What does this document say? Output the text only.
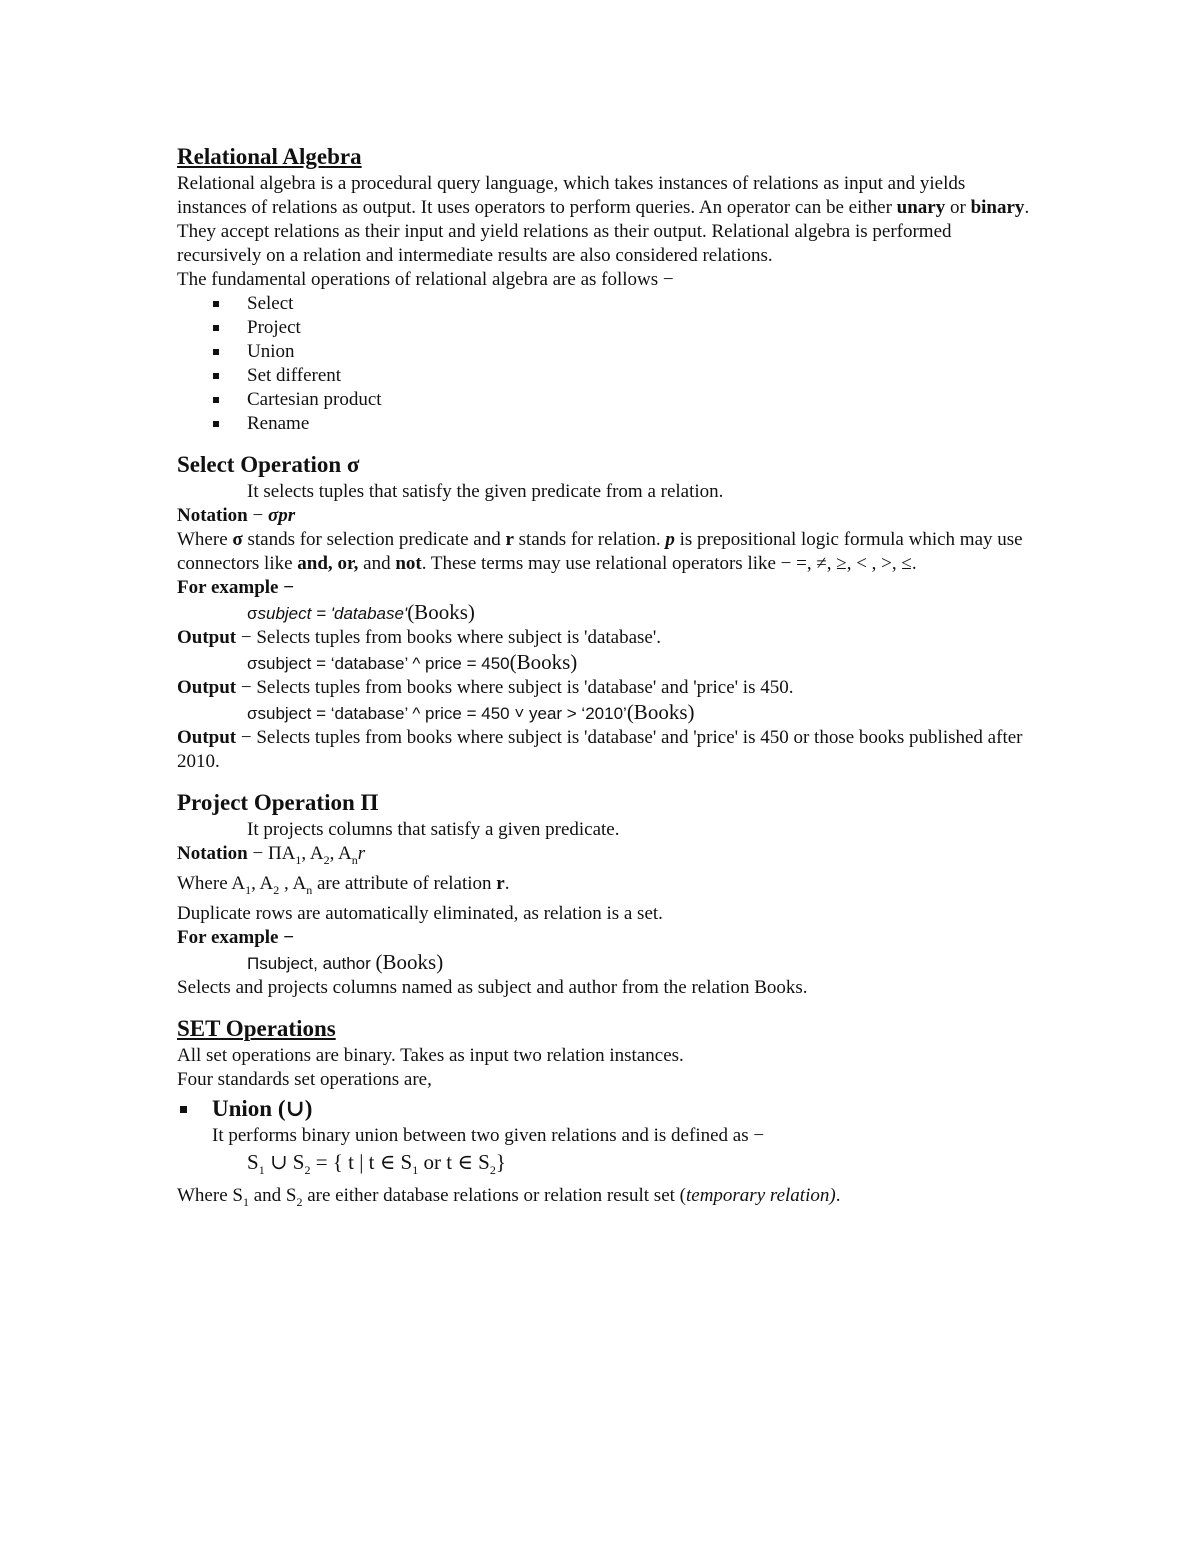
Relational Algebra

Relational algebra is a procedural query language, which takes instances of relations as input and yields instances of relations as output. It uses operators to perform queries. An operator can be either unary or binary. They accept relations as their input and yield relations as their output. Relational algebra is performed recursively on a relation and intermediate results are also considered relations.

The fundamental operations of relational algebra are as follows −

Select
Project
Union
Set different
Cartesian product
Rename
Select Operation σ

It selects tuples that satisfy the given predicate from a relation.

Notation − σpr

Where σ stands for selection predicate and r stands for relation. p is prepositional logic formula which may use connectors like and, or, and not. These terms may use relational operators like − =, ≠, ≥, < , >, ≤.

For example −

σsubject = 'database'(Books)

Output − Selects tuples from books where subject is 'database'.

σsubject = ‘database’ ^ price = 450(Books)

Output − Selects tuples from books where subject is 'database' and 'price' is 450.

σsubject = ‘database’ ^ price = 450 ˅ year > ‘2010’(Books)

Output − Selects tuples from books where subject is 'database' and 'price' is 450 or those books published after 2010.

Project Operation Π

It projects columns that satisfy a given predicate.

Notation − $\Pi A_1$, $A_2$, $A_nr$

Where $A_1$, $A_2$ , $A_n$ are attribute of relation r.

Duplicate rows are automatically eliminated, as relation is a set.

For example −

Πsubject, author (Books)

Selects and projects columns named as subject and author from the relation Books.

SET Operations

All set operations are binary. Takes as input two relation instances.

Four standards set operations are,

Union (∪)

It performs binary union between two given relations and is defined as −

$S_1$ ∪ $S_2$ = { t | t ∈ $S_1$ or t ∈ $S_2$}

Where $S_1$ and $S_2$ are either database relations or relation result set (temporary relation).
